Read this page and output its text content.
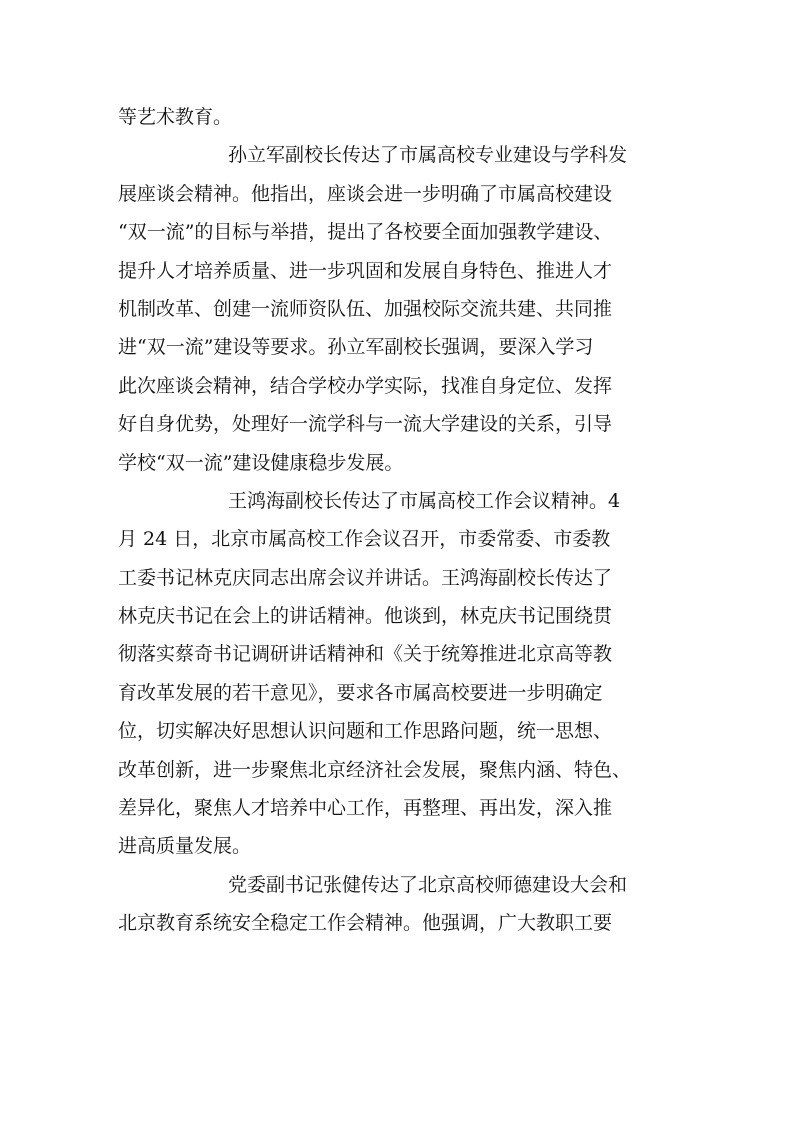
等艺术教育。
孙立军副校长传达了市属高校专业建设与学科发
展座谈会精神。他指出，座谈会进一步明确了市属高校建设
“双一流”的目标与举措，提出了各校要全面加强教学建设、
提升人才培养质量、进一步巩固和发展自身特色、推进人才
机制改革、创建一流师资队伍、加强校际交流共建、共同推
进“双一流”建设等要求。孙立军副校长强调，要深入学习
此次座谈会精神，结合学校办学实际，找准自身定位、发挥
好自身优势，处理好一流学科与一流大学建设的关系，引导
学校“双一流”建设健康稳步发展。
王鸿海副校长传达了市属高校工作会议精神。4
月 24 日，北京市属高校工作会议召开，市委常委、市委教
工委书记林克庆同志出席会议并讲话。王鸿海副校长传达了
林克庆书记在会上的讲话精神。他谈到，林克庆书记围绕贯
彻落实蔡奇书记调研讲话精神和《关于统筹推进北京高等教
育改革发展的若干意见》，要求各市属高校要进一步明确定
位，切实解决好思想认识问题和工作思路问题，统一思想、
改革创新，进一步聚焦北京经济社会发展，聚焦内涵、特色、
差异化，聚焦人才培养中心工作，再整理、再出发，深入推
进高质量发展。
党委副书记张健传达了北京高校师德建设大会和
北京教育系统安全稳定工作会精神。他强调，广大教职工要
